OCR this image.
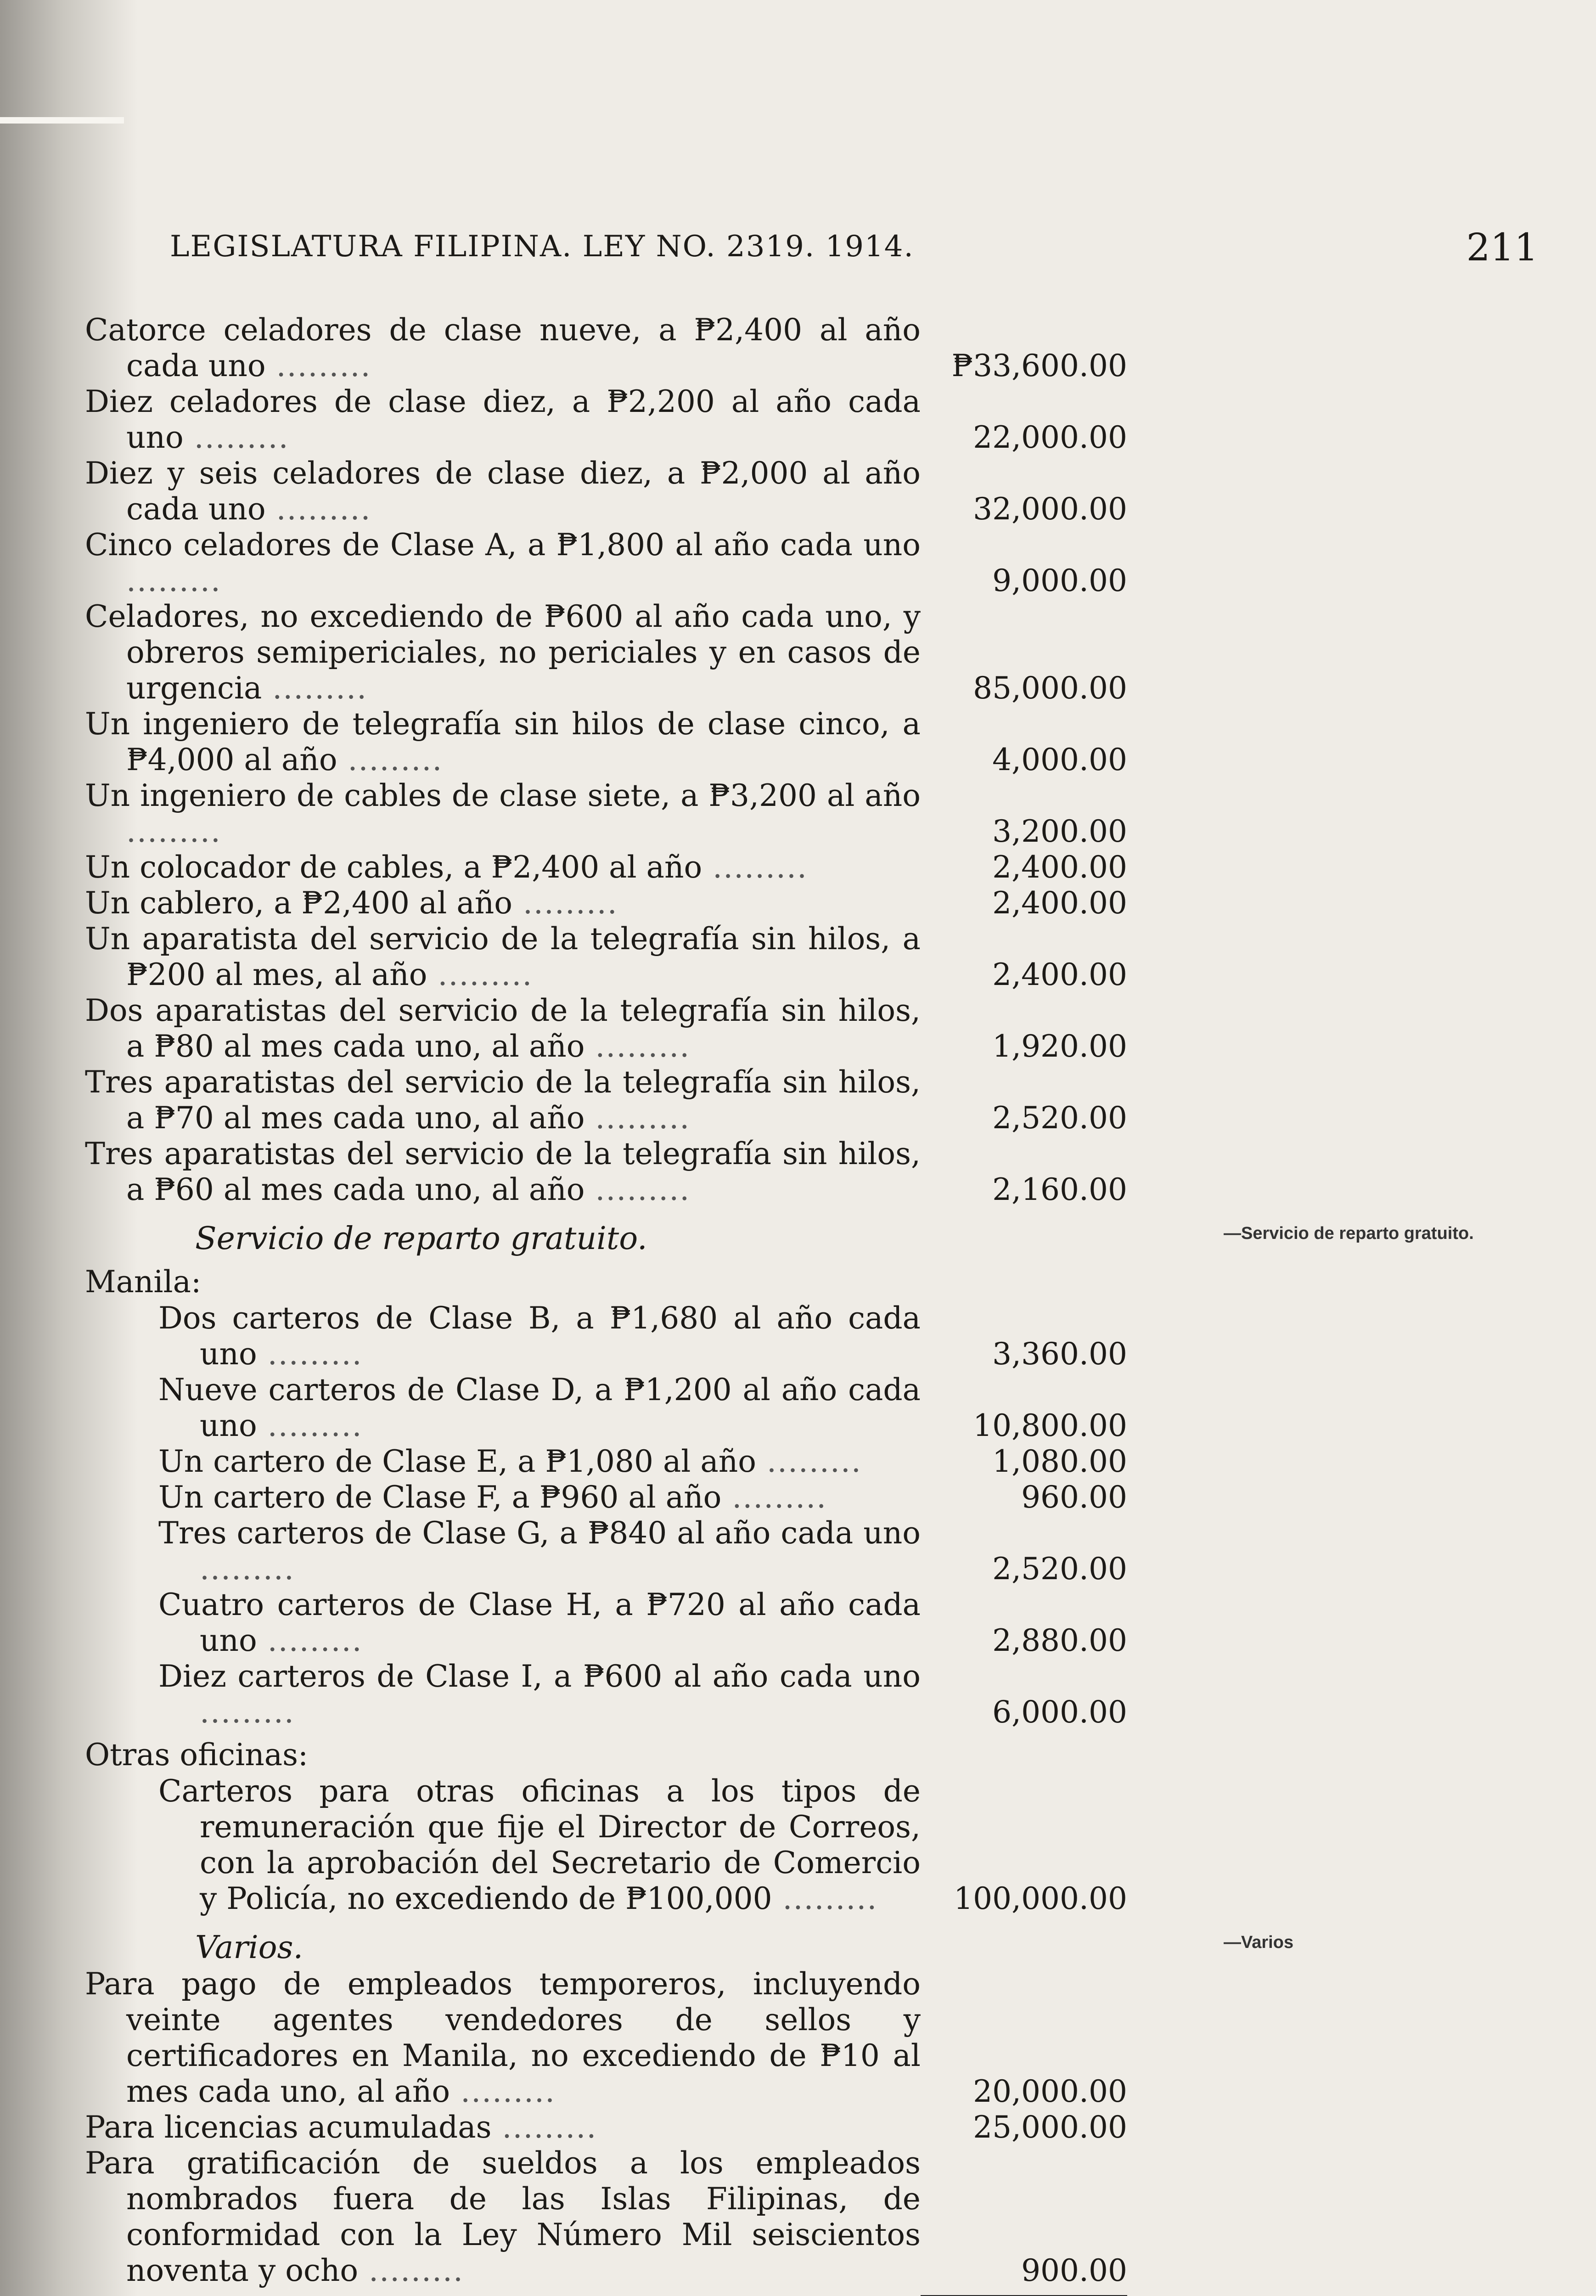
LEGISLATURA FILIPINA. LEY NO. 2319. 1914.	211
Catorce celadores de clase nueve, a ₱2,400 al año cada uno .........	₱33,600.00
Diez celadores de clase diez, a ₱2,200 al año cada uno .........	22,000.00
Diez y seis celadores de clase diez, a ₱2,000 al año cada uno .........	32,000.00
Cinco celadores de Clase A, a ₱1,800 al año cada uno .........	9,000.00
Celadores, no excediendo de ₱600 al año cada uno, y obreros semipericiales, no periciales y en casos de urgencia .........	85,000.00
Un ingeniero de telegrafía sin hilos de clase cinco, a ₱4,000 al año .........	4,000.00
Un ingeniero de cables de clase siete, a ₱3,200 al año .........	3,200.00
Un colocador de cables, a ₱2,400 al año .........	2,400.00
Un cablero, a ₱2,400 al año .........	2,400.00
Un aparatista del servicio de la telegrafía sin hilos, a ₱200 al mes, al año .........	2,400.00
Dos aparatistas del servicio de la telegrafía sin hilos, a ₱80 al mes cada uno, al año .........	1,920.00
Tres aparatistas del servicio de la telegrafía sin hilos, a ₱70 al mes cada uno, al año .........	2,520.00
Tres aparatistas del servicio de la telegrafía sin hilos, a ₱60 al mes cada uno, al año .........	2,160.00
Servicio de reparto gratuito.	—Servicio de reparto gratuito.
Manila:
Dos carteros de Clase B, a ₱1,680 al año cada uno .........	3,360.00
Nueve carteros de Clase D, a ₱1,200 al año cada uno .........	10,800.00
Un cartero de Clase E, a ₱1,080 al año .........	1,080.00
Un cartero de Clase F, a ₱960 al año .........	960.00
Tres carteros de Clase G, a ₱840 al año cada uno .........	2,520.00
Cuatro carteros de Clase H, a ₱720 al año cada uno .........	2,880.00
Diez carteros de Clase I, a ₱600 al año cada uno .........	6,000.00
Otras oficinas:
Carteros para otras oficinas a los tipos de remuneración que fije el Director de Correos, con la aprobación del Secretario de Comercio y Policía, no excediendo de ₱100,000 .........	100,000.00
Varios.	—Varios
Para pago de empleados temporeros, incluyendo veinte agentes vendedores de sellos y certificadores en Manila, no excediendo de ₱10 al mes cada uno, al año .........	20,000.00
Para licencias acumuladas .........	25,000.00
Para gratificación de sueldos a los empleados nombrados fuera de las Islas Filipinas, de conformidad con la Ley Número Mil seiscientos noventa y ocho .........	900.00
